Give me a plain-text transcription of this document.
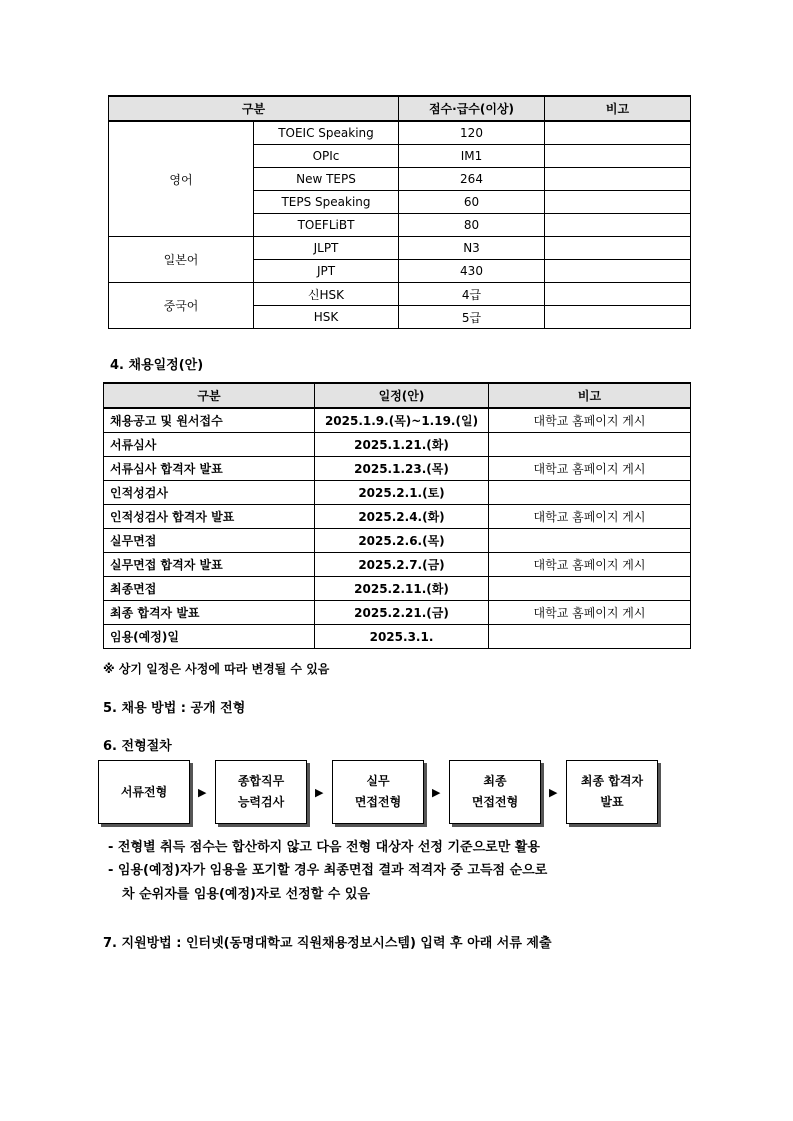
구분		점수·급수(이상)	비고
영어	TOEIC Speaking	120	
	OPIc	IM1	
	New TEPS	264	
	TEPS Speaking	60	
	TOEFLiBT	80	
일본어	JLPT	N3	
	JPT	430	
중국어	신HSK	4급	
	HSK	5급	
4. 채용일정(안)
구분	일정(안)	비고
채용공고 및 원서접수	2025.1.9.(목)~1.19.(일)	대학교 홈페이지 게시
서류심사	2025.1.21.(화)	
서류심사 합격자 발표	2025.1.23.(목)	대학교 홈페이지 게시
인적성검사	2025.2.1.(토)	
인적성검사 합격자 발표	2025.2.4.(화)	대학교 홈페이지 게시
실무면접	2025.2.6.(목)	
실무면접 합격자 발표	2025.2.7.(금)	대학교 홈페이지 게시
최종면접	2025.2.11.(화)	
최종 합격자 발표	2025.2.21.(금)	대학교 홈페이지 게시
임용(예정)일	2025.3.1.	
※ 상기 일정은 사정에 따라 변경될 수 있음
5. 채용 방법 : 공개 전형
6. 전형절차
서류전형	▶
종합직무
능력검사
▶
실무
면접전형
▶
최종
면접전형
▶
최종 합격자
발표
- 전형별 취득 점수는 합산하지 않고 다음 전형 대상자 선정 기준으로만 활용
- 임용(예정)자가 임용을 포기할 경우 최종면접 결과 적격자 중 고득점 순으로
차 순위자를 임용(예정)자로 선정할 수 있음
7. 지원방법 : 인터넷(동명대학교 직원채용정보시스템) 입력 후 아래 서류 제출
